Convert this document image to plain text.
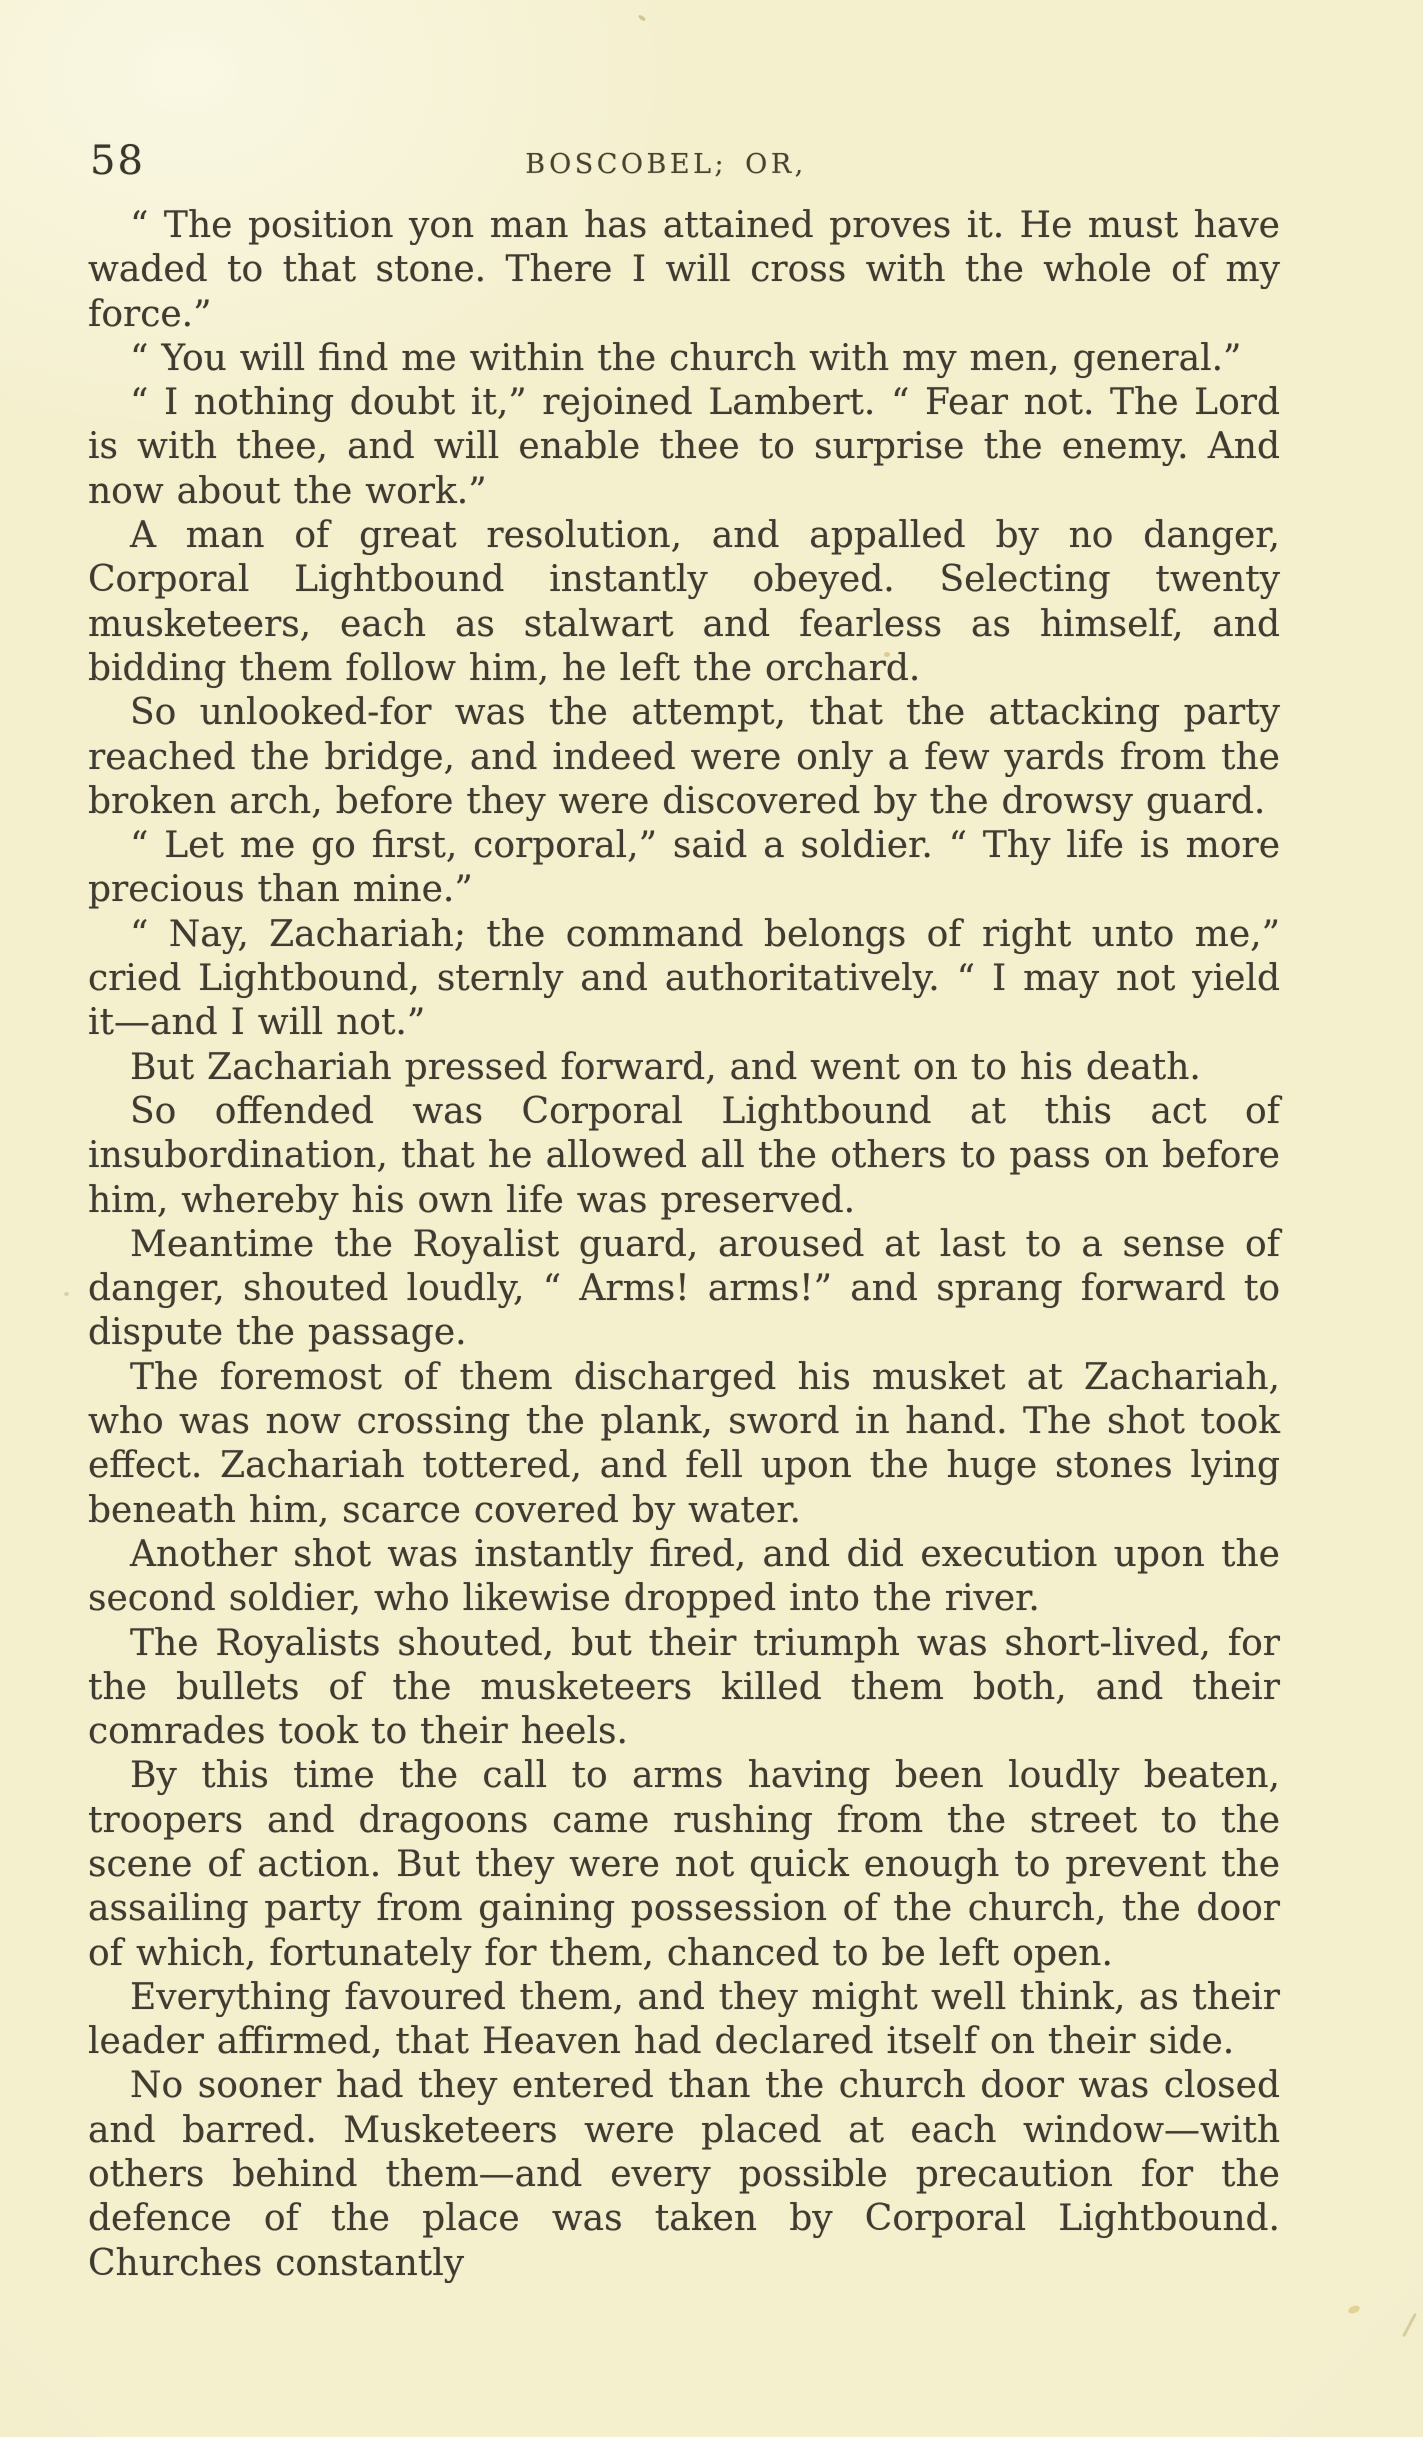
58	BOSCOBEL; OR,

“ The position yon man has attained proves it. He must have waded to that stone. There I will cross with the whole of my force.”

“ You will find me within the church with my men, general.”

“ I nothing doubt it,” rejoined Lambert. “ Fear not. The Lord is with thee, and will enable thee to surprise the enemy. And now about the work.”

A man of great resolution, and appalled by no danger, Corporal Lightbound instantly obeyed. Selecting twenty musketeers, each as stalwart and fearless as himself, and bidding them follow him, he left the orchard.

So unlooked-for was the attempt, that the attacking party reached the bridge, and indeed were only a few yards from the broken arch, before they were discovered by the drowsy guard.

“ Let me go first, corporal,” said a soldier. “ Thy life is more precious than mine.”

“ Nay, Zachariah; the command belongs of right unto me,” cried Lightbound, sternly and authoritatively. “ I may not yield it—and I will not.”

But Zachariah pressed forward, and went on to his death.

So offended was Corporal Lightbound at this act of insubordination, that he allowed all the others to pass on before him, whereby his own life was preserved.

Meantime the Royalist guard, aroused at last to a sense of danger, shouted loudly, “ Arms! arms!” and sprang forward to dispute the passage.

The foremost of them discharged his musket at Zachariah, who was now crossing the plank, sword in hand. The shot took effect. Zachariah tottered, and fell upon the huge stones lying beneath him, scarce covered by water.

Another shot was instantly fired, and did execution upon the second soldier, who likewise dropped into the river.

The Royalists shouted, but their triumph was short-lived, for the bullets of the musketeers killed them both, and their comrades took to their heels.

By this time the call to arms having been loudly beaten, troopers and dragoons came rushing from the street to the scene of action. But they were not quick enough to prevent the assailing party from gaining possession of the church, the door of which, fortunately for them, chanced to be left open.

Everything favoured them, and they might well think, as their leader affirmed, that Heaven had declared itself on their side.

No sooner had they entered than the church door was closed and barred. Musketeers were placed at each window—with others behind them—and every possible precaution for the defence of the place was taken by Corporal Lightbound. Churches constantly
